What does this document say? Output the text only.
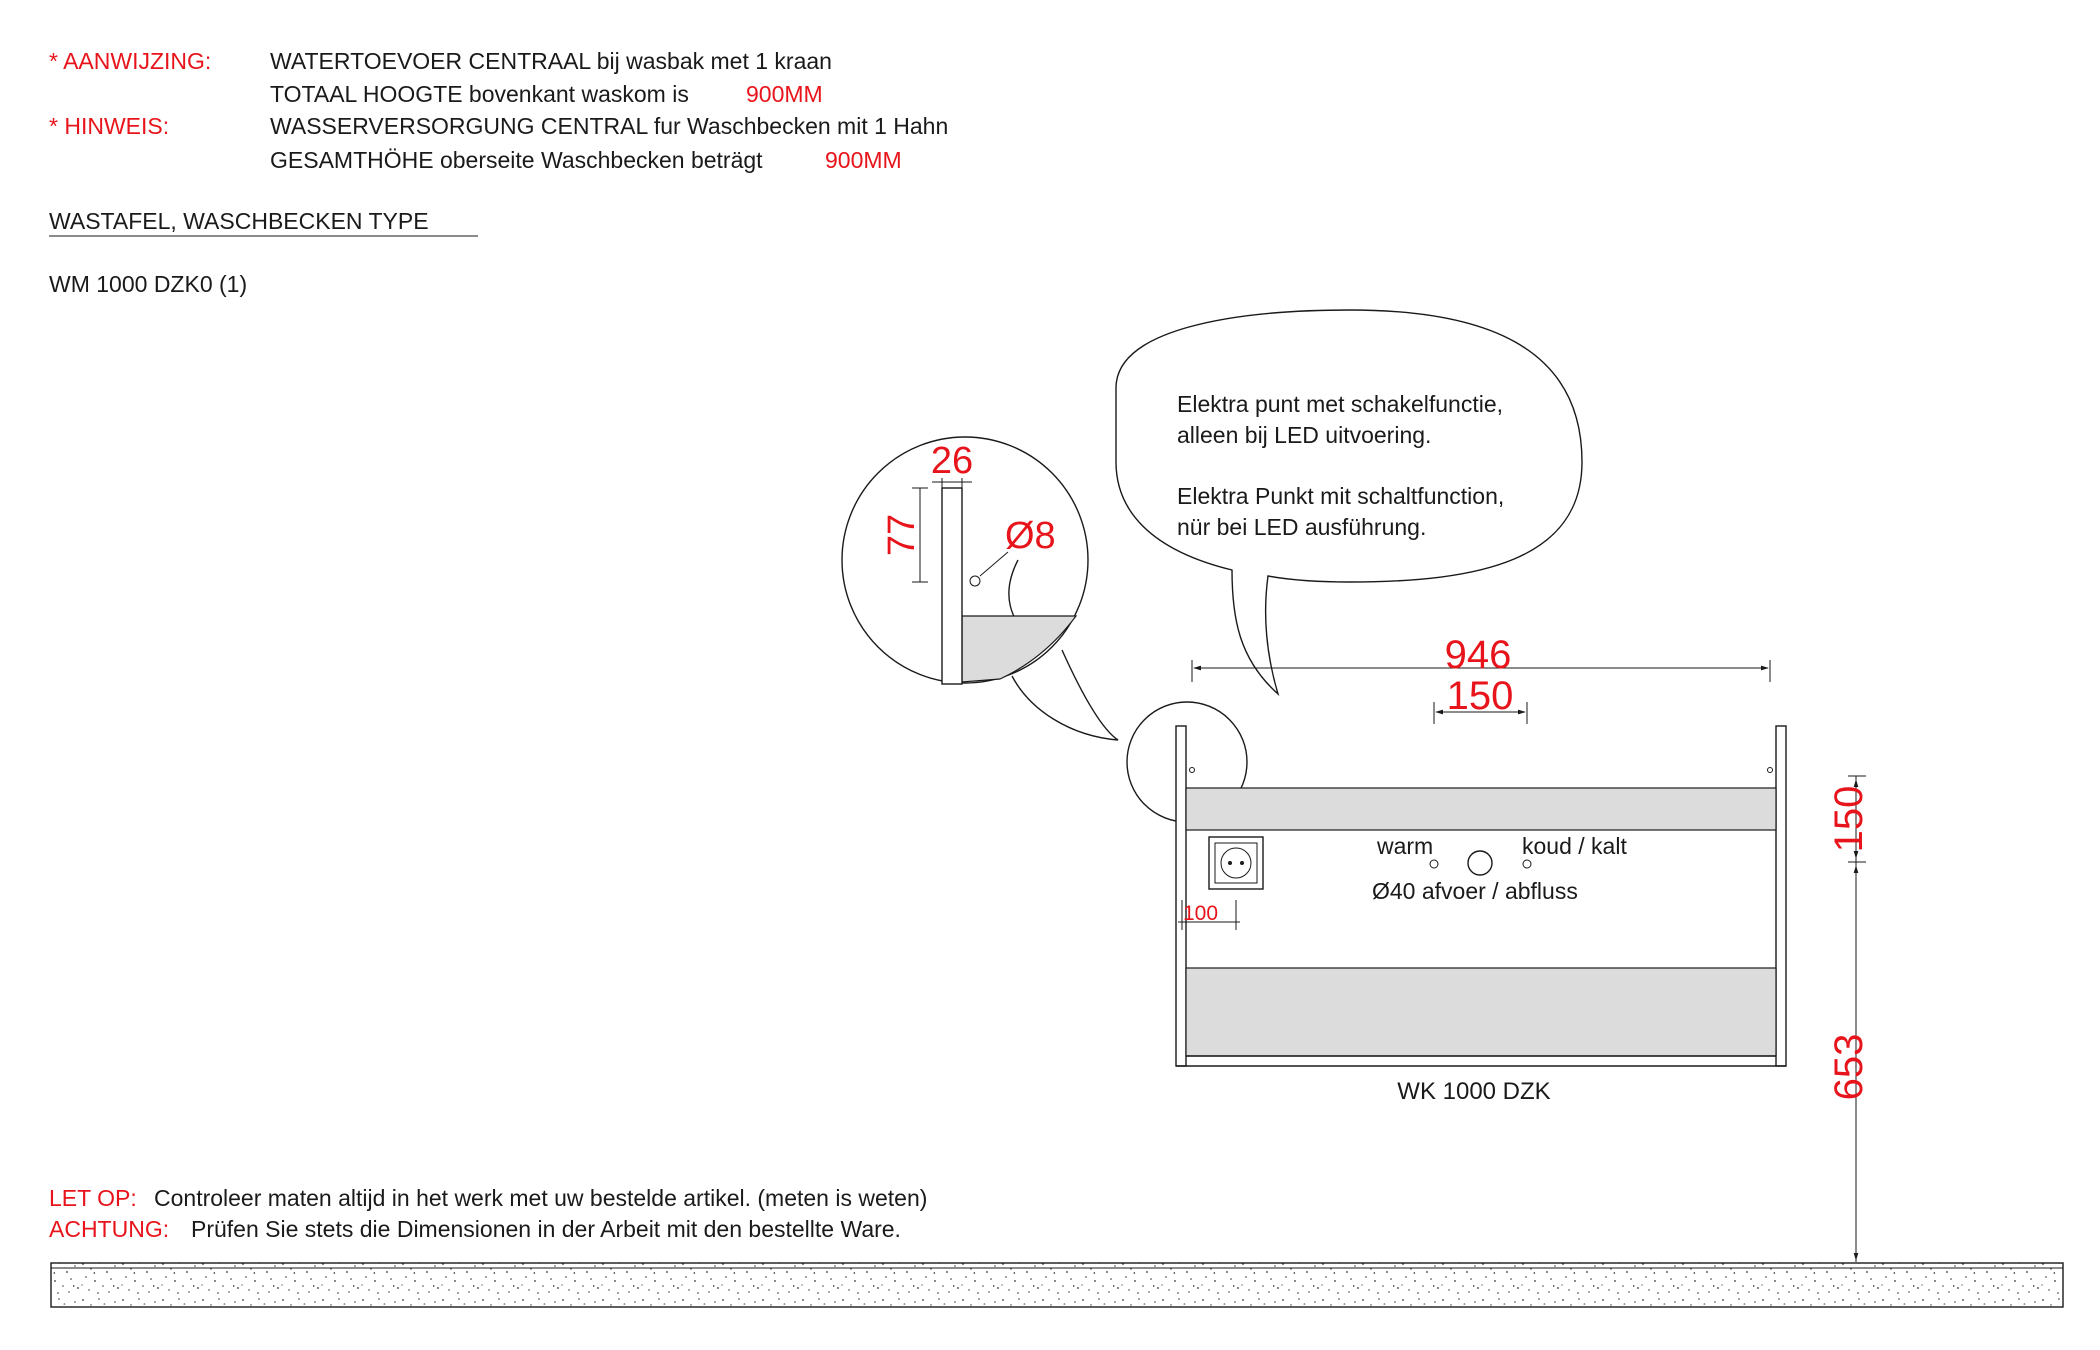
* AANWIJZING:	WATERTOEVOER CENTRAAL bij wasbak met 1 kraan
TOTAAL HOOGTE bovenkant waskom is 900MM
* HINWEIS:	WASSERVERSORGUNG CENTRAL fur Waschbecken mit 1 Hahn
GESAMTHÖHE oberseite Waschbecken beträgt	900MM
WASTAFEL, WASCHBECKEN TYPE
WM 1000 DZK0 (1)
Elektra punt met schakelfunctie,
alleen bij LED uitvoering.
Elektra Punkt mit schaltfunction,
nür bei LED ausführung.
26
77 Ø8
warm	koud / kalt
Ø40 afvoer / abfluss
100
WK 1000 DZK
946
150
150
653
LET OP: Controleer maten altijd in het werk met uw bestelde artikel. (meten is weten)
ACHTUNG: Prüfen Sie stets die Dimensionen in der Arbeit mit den bestellte Ware.
